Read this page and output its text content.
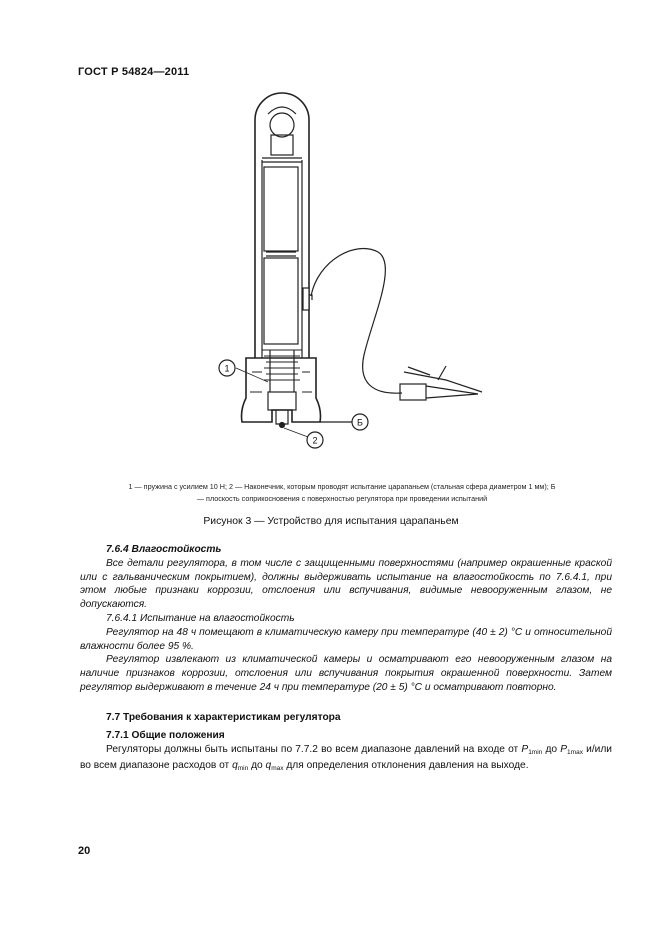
ГОСТ Р 54824—2011
1
2
Б
1 — пружина с усилием 10 Н; 2 — Наконечник, которым проводят испытание царапаньем (стальная сфера диаметром 1 мм); Б
— плоскость соприкосновения с поверхностью регулятора при проведении испытаний
Рисунок 3 — Устройство для испытания царапаньем

7.6.4 Влагостойкость

Все детали регулятора, в том числе с защищенными поверхностями (например окрашенные краской или с гальваническим покрытием), должны выдерживать испытание на влагостойкость по 7.6.4.1, при этом любые признаки коррозии, отслоения или вспучивания, видимые невооруженным глазом, не допускаются.

7.6.4.1 Испытание на влагостойкость

Регулятор на 48 ч помещают в климатическую камеру при температуре (40 ± 2) °С и относительной влажности более 95 %.

Регулятор извлекают из климатической камеры и осматривают его невооруженным глазом на наличие признаков коррозии, отслоения или вспучивания покрытия окрашенной поверхности. Затем регулятор выдерживают в течение 24 ч при температуре (20 ± 5) °С и осматривают повторно.

7.7 Требования к характеристикам регулятора

7.7.1 Общие положения

Регуляторы должны быть испытаны по 7.7.2 во всем диапазоне давлений на входе от $P_{1min}$ до $P_{1max}$ и/или во всем диапазоне расходов от $q_{min}$ до $q_{max}$ для определения отклонения давления на выходе.

20
